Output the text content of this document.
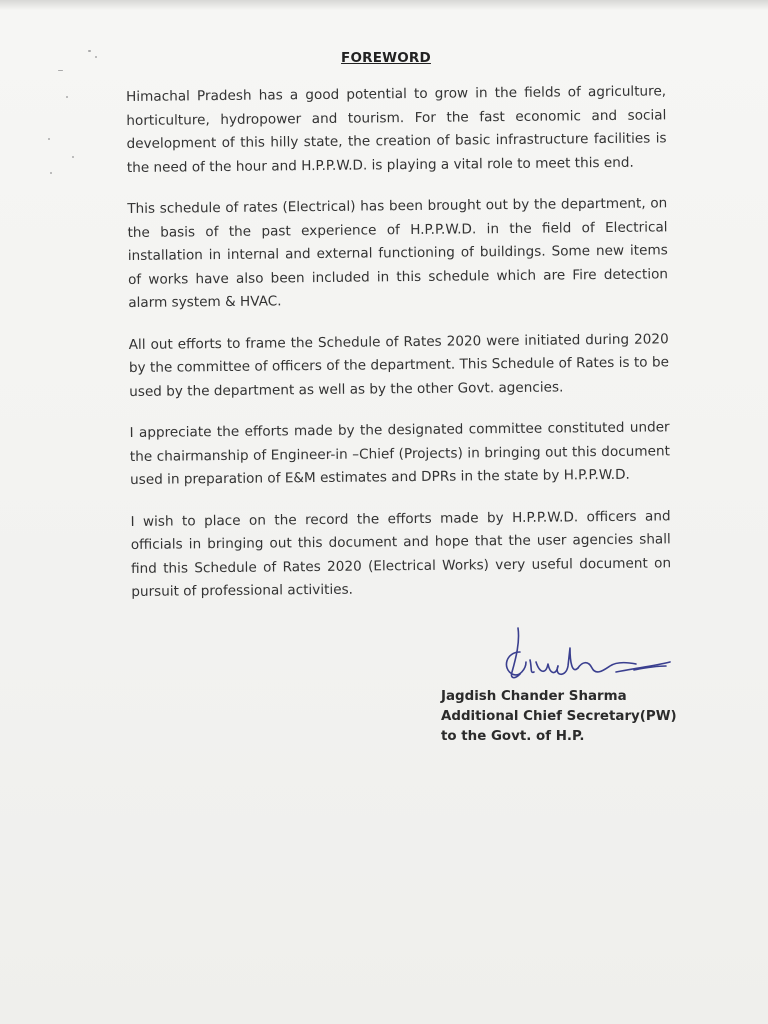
FOREWORD

Himachal Pradesh has a good potential to grow in the fields of agriculture, horticulture, hydropower and tourism. For the fast economic and social development of this hilly state, the creation of basic infrastructure facilities is the need of the hour and H.P.P.W.D. is playing a vital role to meet this end.

This schedule of rates (Electrical) has been brought out by the department, on the basis of the past experience of H.P.P.W.D. in the field of Electrical installation in internal and external functioning of buildings. Some new items of works have also been included in this schedule which are Fire detection alarm system & HVAC.

All out efforts to frame the Schedule of Rates 2020 were initiated during 2020 by the committee of officers of the department. This Schedule of Rates is to be used by the department as well as by the other Govt. agencies.

I appreciate the efforts made by the designated committee constituted under the chairmanship of Engineer-in –Chief (Projects) in bringing out this document used in preparation of E&M estimates and DPRs in the state by H.P.P.W.D.

I wish to place on the record the efforts made by H.P.P.W.D. officers and officials in bringing out this document and hope that the user agencies shall find this Schedule of Rates 2020 (Electrical Works) very useful document on pursuit of professional activities.

Jagdish Chander Sharma
Additional Chief Secretary(PW)
to the Govt. of H.P.
